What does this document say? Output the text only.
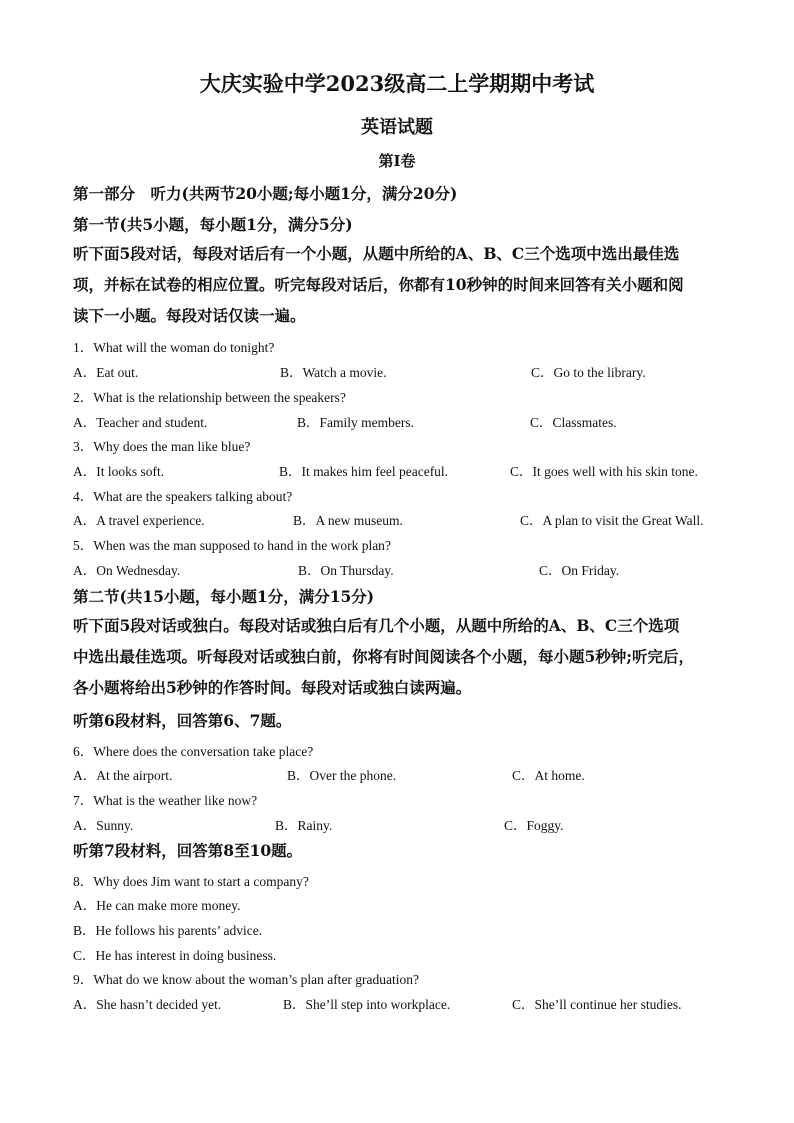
大庆实验中学2023级高二上学期期中考试
英语试题
第I卷
第一部分　听力(共两节20小题;每小题1分，满分20分)
第一节(共5小题，每小题1分，满分5分)
听下面5段对话，每段对话后有一个小题，从题中所给的A、B、C三个选项中选出最佳选
项，并标在试卷的相应位置。听完每段对话后，你都有10秒钟的时间来回答有关小题和阅
读下一小题。每段对话仅读一遍。
1．What will the woman do tonight?
A．Eat out.	B．Watch a movie.	C．Go to the library.
2．What is the relationship between the speakers?
A．Teacher and student.	B．Family members.	C．Classmates.
3．Why does the man like blue?
A．It looks soft.	B．It makes him feel peaceful.	C．It goes well with his skin tone.
4．What are the speakers talking about?
A．A travel experience.	B．A new museum.	C．A plan to visit the Great Wall.
5．When was the man supposed to hand in the work plan?
A．On Wednesday.	B．On Thursday.	C．On Friday.
第二节(共15小题，每小题1分，满分15分)
听下面5段对话或独白。每段对话或独白后有几个小题，从题中所给的A、B、C三个选项
中选出最佳选项。听每段对话或独白前，你将有时间阅读各个小题，每小题5秒钟;听完后，
各小题将给出5秒钟的作答时间。每段对话或独白读两遍。
听第6段材料，回答第6、7题。
6．Where does the conversation take place?
A．At the airport.	B．Over the phone.	C．At home.
7．What is the weather like now?
A．Sunny.	B．Rainy.	C．Foggy.
听第7段材料，回答第8至10题。
8．Why does Jim want to start a company?
A．He can make more money.
B．He follows his parents’ advice.
C．He has interest in doing business.
9．What do we know about the woman’s plan after graduation?
A．She hasn’t decided yet.	B．She’ll step into workplace.	C．She’ll continue her studies.
